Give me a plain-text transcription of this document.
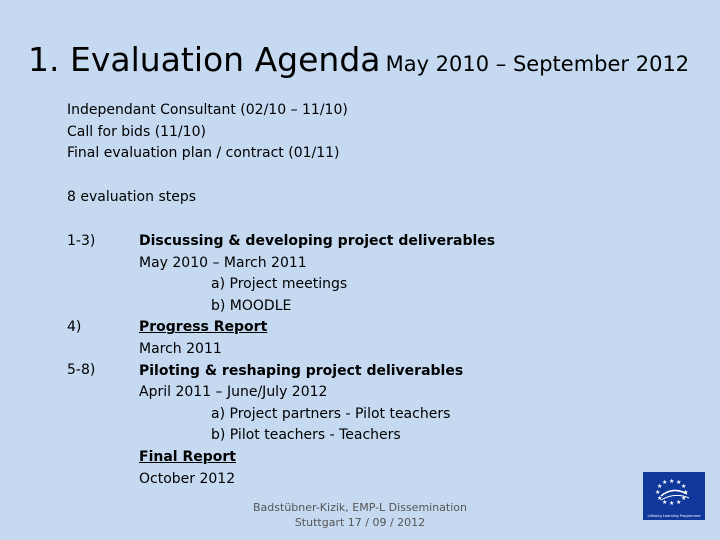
1. Evaluation Agenda May 2010 – September 2012
Independant Consultant (02/10 – 11/10)
Call for bids (11/10)
Final evaluation plan / contract (01/11)
8 evaluation steps
1-3)
4)
5-8)
Discussing & developing project deliverables
May 2010 – March 2011
a) Project meetings
b) MOODLE
Progress Report
March 2011
Piloting & reshaping project deliverables
April 2011 – June/July 2012
a) Project partners - Pilot teachers
b) Pilot teachers - Teachers
Final Report
October 2012
Badstübner-Kizik, EMP-L Dissemination
Stuttgart 17 / 09 / 2012
★ ★
★
★
★
★
★
★
★
★
★
★
Lifelong Learning Programme
